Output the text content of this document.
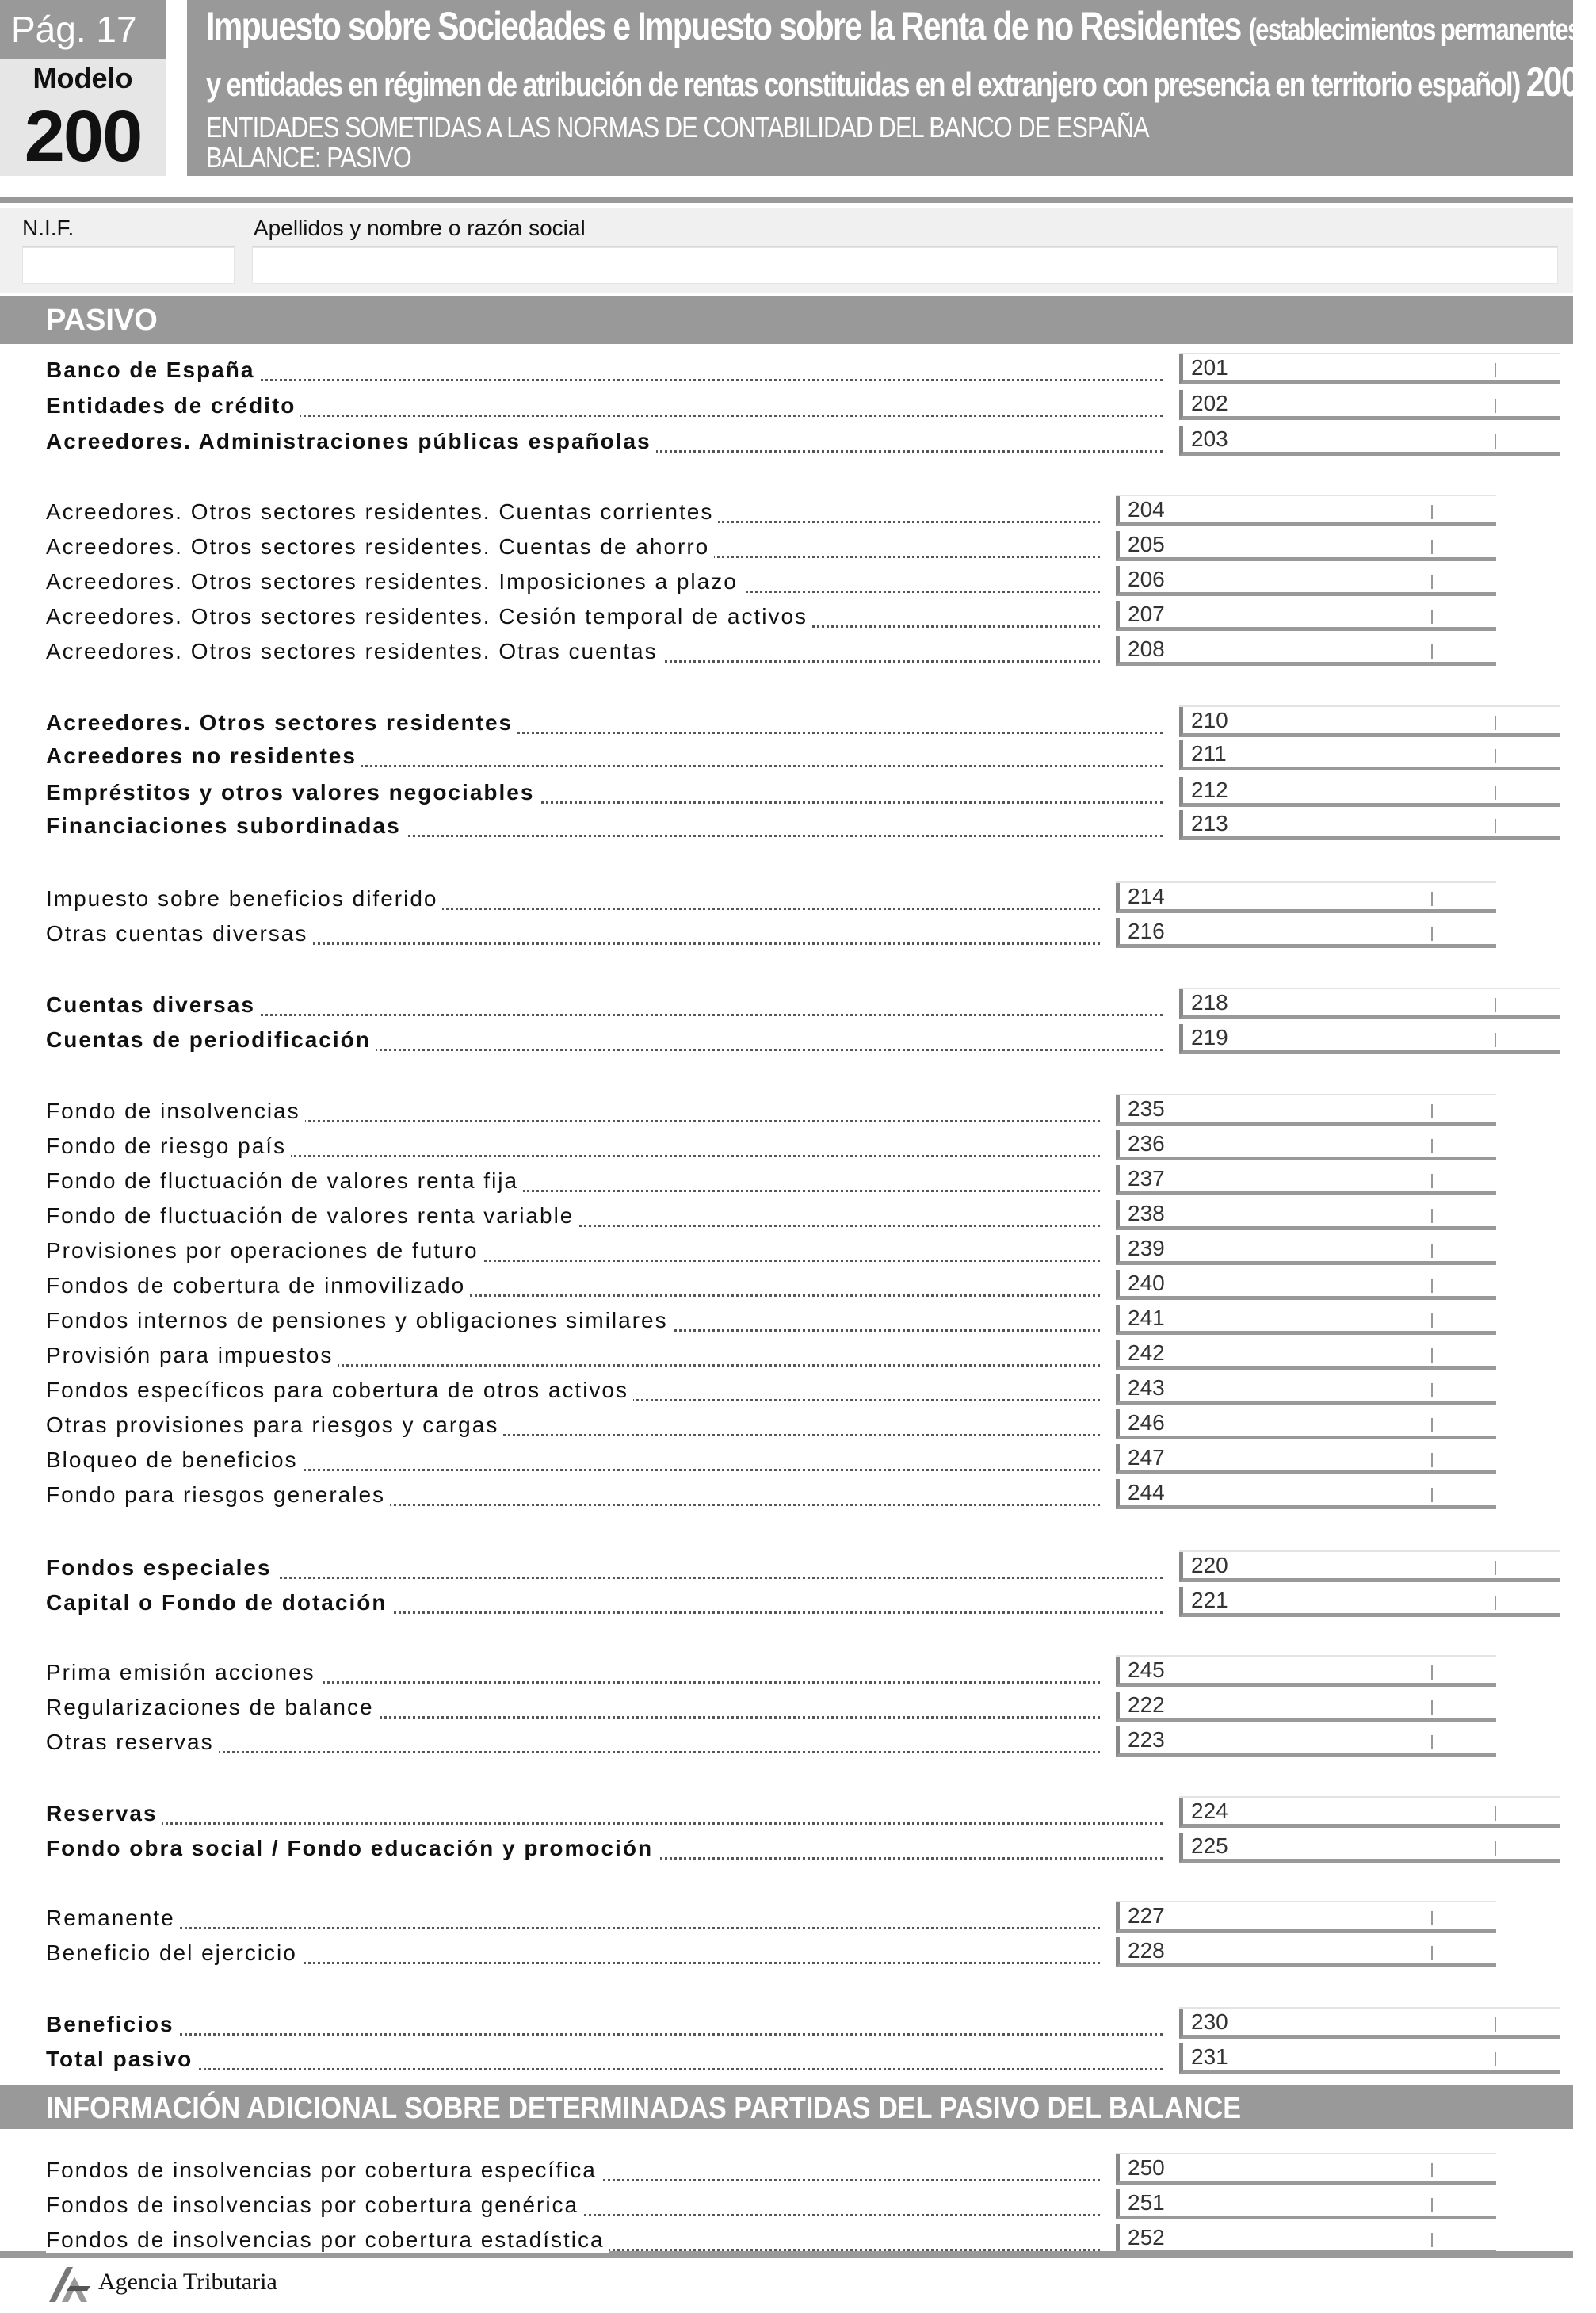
Pág. 17
Modelo
200
Impuesto sobre Sociedades e Impuesto sobre la Renta de no Residentes (establecimientos permanentes
y entidades en régimen de atribución de rentas constituidas en el extranjero con presencia en territorio español) 2003
ENTIDADES SOMETIDAS A LAS NORMAS DE CONTABILIDAD DEL BANCO DE ESPAÑA
BALANCE: PASIVO
N.I.F.	Apellidos y nombre o razón social
PASIVO
INFORMACIÓN ADICIONAL SOBRE DETERMINADAS PARTIDAS DEL PASIVO DEL BALANCE
Banco de España	201
Entidades de crédito	202
Acreedores. Administraciones públicas españolas	203
Acreedores. Otros sectores residentes. Cuentas corrientes	204
Acreedores. Otros sectores residentes. Cuentas de ahorro	205
Acreedores. Otros sectores residentes. Imposiciones a plazo	206
Acreedores. Otros sectores residentes. Cesión temporal de activos	207
Acreedores. Otros sectores residentes. Otras cuentas	208
Acreedores. Otros sectores residentes	210
Acreedores no residentes	211
Empréstitos y otros valores negociables	212
Financiaciones subordinadas	213
Impuesto sobre beneficios diferido	214
Otras cuentas diversas	216
Cuentas diversas	218
Cuentas de periodificación	219
Fondo de insolvencias	235
Fondo de riesgo país	236
Fondo de fluctuación de valores renta fija	237
Fondo de fluctuación de valores renta variable	238
Provisiones por operaciones de futuro	239
Fondos de cobertura de inmovilizado	240
Fondos internos de pensiones y obligaciones similares	241
Provisión para impuestos	242
Fondos específicos para cobertura de otros activos	243
Otras provisiones para riesgos y cargas	246
Bloqueo de beneficios	247
Fondo para riesgos generales	244
Fondos especiales	220
Capital o Fondo de dotación	221
Prima emisión acciones	245
Regularizaciones de balance	222
Otras reservas	223
Reservas	224
Fondo obra social / Fondo educación y promoción	225
Remanente	227
Beneficio del ejercicio	228
Beneficios	230
Total pasivo	231
Fondos de insolvencias por cobertura específica	250
Fondos de insolvencias por cobertura genérica	251
Fondos de insolvencias por cobertura estadística	252
Agencia Tributaria
